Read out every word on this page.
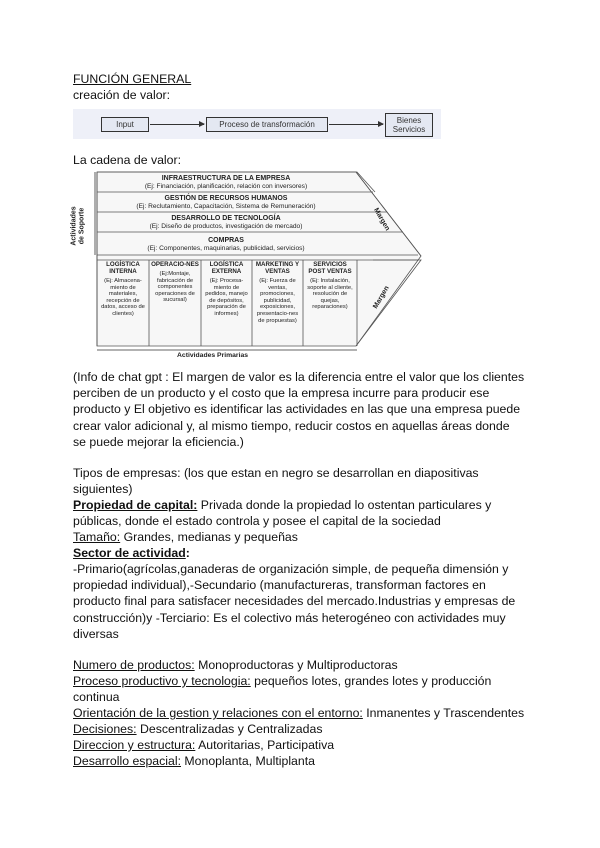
FUNCIÓN GENERAL
creación de valor:
Input	Proceso de transformación	Bienes
Servicios
La cadena de valor:
Actividades
de Soporte
INFRAESTRUCTURA DE LA EMPRESA
(Ej: Financiación, planificación, relación con inversores)
GESTIÓN DE RECURSOS HUMANOS
(Ej: Reclutamiento, Capacitación, Sistema de Remuneración)
DESARROLLO DE TECNOLOGÍA
(Ej: Diseño de productos, investigación de mercado)
COMPRAS
(Ej: Componentes, maquinarias, publicidad, servicios)
LOGÍSTICA INTERNA
(Ej: Almacena-miento de materiales, recepción de datos, acceso de clientes)
OPERACIO-NES
(Ej:Montaje, fabricación de componentes operaciones de sucursal)
LOGÍSTICA EXTERNA
(Ej: Procesa-miento de pedidos, manejo de depósitos, preparación de informes)
MARKETING Y VENTAS
(Ej: Fuerza de ventas, promociones, publicidad, exposiciones, presentacio-nes de propuestas)
SERVICIOS POST VENTAS
(Ej: Instalación, soporte al cliente, resolución de quejas, reparaciones)
Margen
Margen
Actividades Primarias
(Info de chat gpt : El margen de valor es la diferencia entre el valor que los clientes perciben de un producto y el costo que la empresa incurre para producir ese producto y El objetivo es identificar las actividades en las que una empresa puede crear valor adicional y, al mismo tiempo, reducir costos en aquellas áreas donde se puede mejorar la eficiencia.)
Tipos de empresas: (los que estan en negro se desarrollan en diapositivas siguientes)
Propiedad de capital: Privada donde la propiedad lo ostentan particulares y públicas, donde el estado controla y posee el capital de la sociedad
Tamaño: Grandes, medianas y pequeñas
Sector de actividad:
-Primario(agrícolas,ganaderas de organización simple, de pequeña dimensión y propiedad individual),-Secundario (manufactureras, transforman factores en producto final para satisfacer necesidades del mercado.Industrias y empresas de construcción)y -Terciario: Es el colectivo más heterogéneo con actividades muy diversas
Numero de productos: Monoproductoras y Multiproductoras
Proceso productivo y tecnologia: pequeños lotes, grandes lotes y producción continua
Orientación de la gestion y relaciones con el entorno: Inmanentes y Trascendentes
Decisiones: Descentralizadas y Centralizadas
Direccion y estructura: Autoritarias, Participativa
Desarrollo espacial: Monoplanta, Multiplanta
